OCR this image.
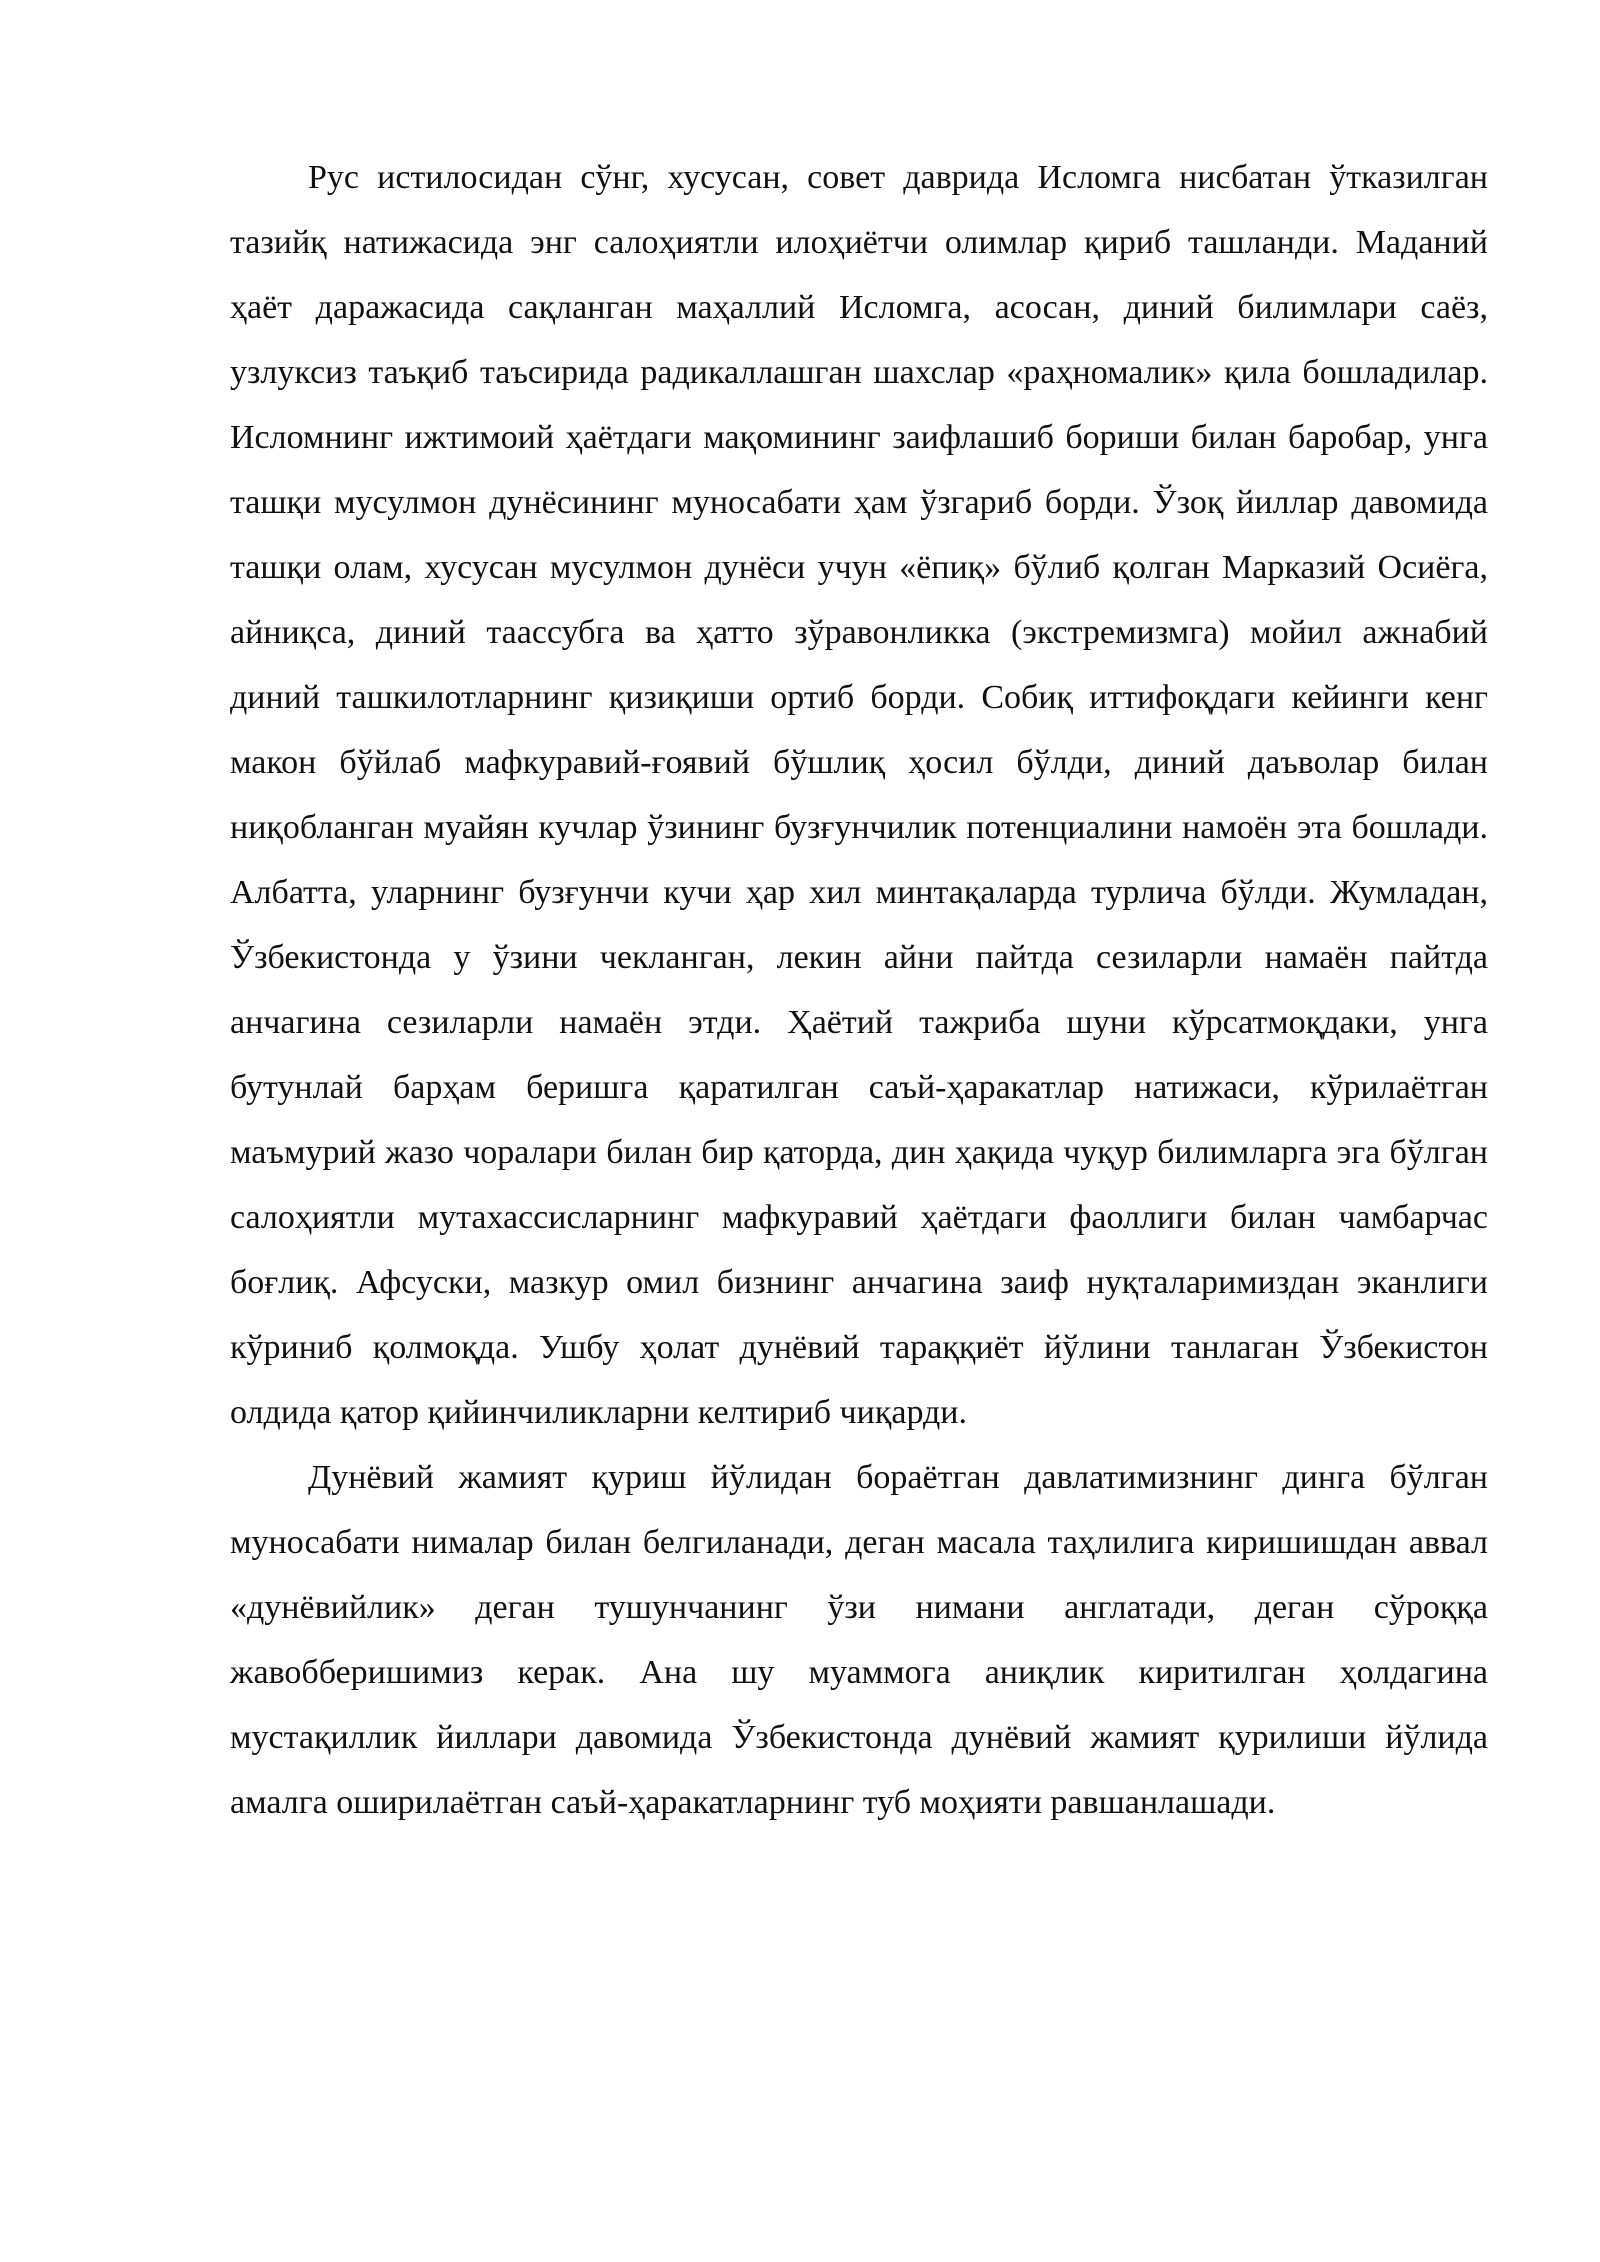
Рус истилосидан сўнг, хусусан, совет даврида Исломга нисбатан ўтказилган тазийқ натижасида энг салоҳиятли илоҳиётчи олимлар қириб ташланди. Маданий ҳаёт даражасида сақланган маҳаллий Исломга, асосан, диний билимлари саёз, узлуксиз таъқиб таъсирида радикаллашган шахслар «раҳномалик» қила бошладилар. Исломнинг ижтимоий ҳаётдаги мақомининг заифлашиб бориши билан баробар, унга ташқи мусулмон дунёсининг муносабати ҳам ўзгариб борди. Ўзоқ йиллар давомида ташқи олам, хусусан мусулмон дунёси учун «ёпиқ» бўлиб қолган Марказий Осиёга, айниқса, диний таассубга ва ҳатто зўравонликка (экстремизмга) мойил ажнабий диний ташкилотларнинг қизиқиши ортиб борди. Собиқ иттифоқдаги кейинги кенг макон бўйлаб мафкуравий-ғоявий бўшлиқ ҳосил бўлди, диний даъволар билан ниқобланган муайян кучлар ўзининг бузғунчилик потенциалини намоён эта бошлади. Албатта, уларнинг бузғунчи кучи ҳар хил минтақаларда турлича бўлди. Жумладан, Ўзбекистонда у ўзини чекланган, лекин айни пайтда сезиларли намаён пайтда анчагина сезиларли намаён этди. Ҳаётий тажриба шуни кўрсатмоқдаки, унга бутунлай барҳам беришга қаратилган саъй-ҳаракатлар натижаси, кўрилаётган маъмурий жазо чоралари билан бир қаторда, дин ҳақида чуқур билимларга эга бўлган салоҳиятли мутахассисларнинг мафкуравий ҳаётдаги фаоллиги билан чамбарчас боғлиқ. Афсуски, мазкур омил бизнинг анчагина заиф нуқталаримиздан эканлиги кўриниб қолмоқда. Ушбу ҳолат дунёвий тараққиёт йўлини танлаган Ўзбекистон олдида қатор қийинчиликларни келтириб чиқарди.

Дунёвий жамият қуриш йўлидан бораётган давлатимизнинг динга бўлган муносабати нималар билан белгиланади, деган масала таҳлилига киришишдан аввал «дунёвийлик» деган тушунчанинг ўзи нимани англатади, деган сўроққа жавобберишимиз керак. Ана шу муаммога аниқлик киритилган ҳолдагина мустақиллик йиллари давомида Ўзбекистонда дунёвий жамият қурилиши йўлида амалга оширилаётган саъй-ҳаракатларнинг туб моҳияти равшанлашади.
